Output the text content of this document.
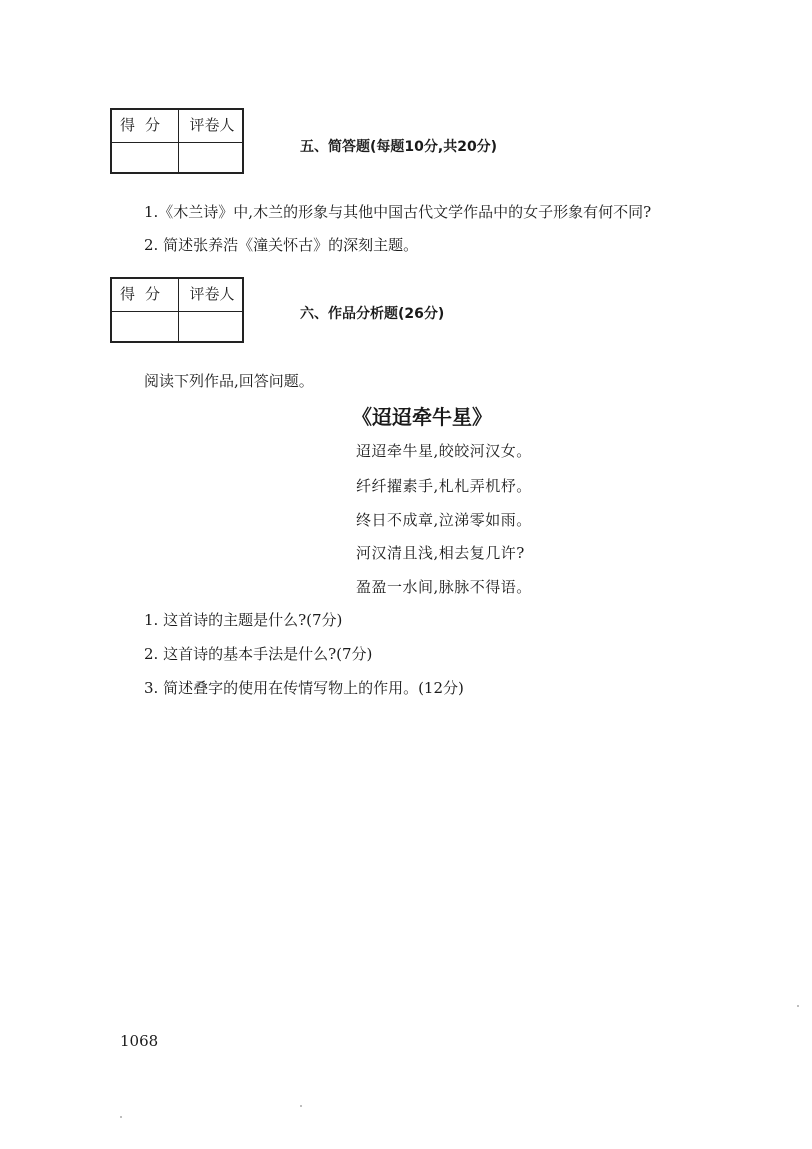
得分	评卷人
五、简答题(每题10分,共20分)
1.《木兰诗》中,木兰的形象与其他中国古代文学作品中的女子形象有何不同?
2. 简述张养浩《潼关怀古》的深刻主题。
得分	评卷人
六、作品分析题(26分)
阅读下列作品,回答问题。
《迢迢牵牛星》
迢迢牵牛星,皎皎河汉女。
纤纤擢素手,札札弄机杼。
终日不成章,泣涕零如雨。
河汉清且浅,相去复几许?
盈盈一水间,脉脉不得语。
1. 这首诗的主题是什么?(7分)
2. 这首诗的基本手法是什么?(7分)
3. 简述叠字的使用在传情写物上的作用。(12分)
1068
